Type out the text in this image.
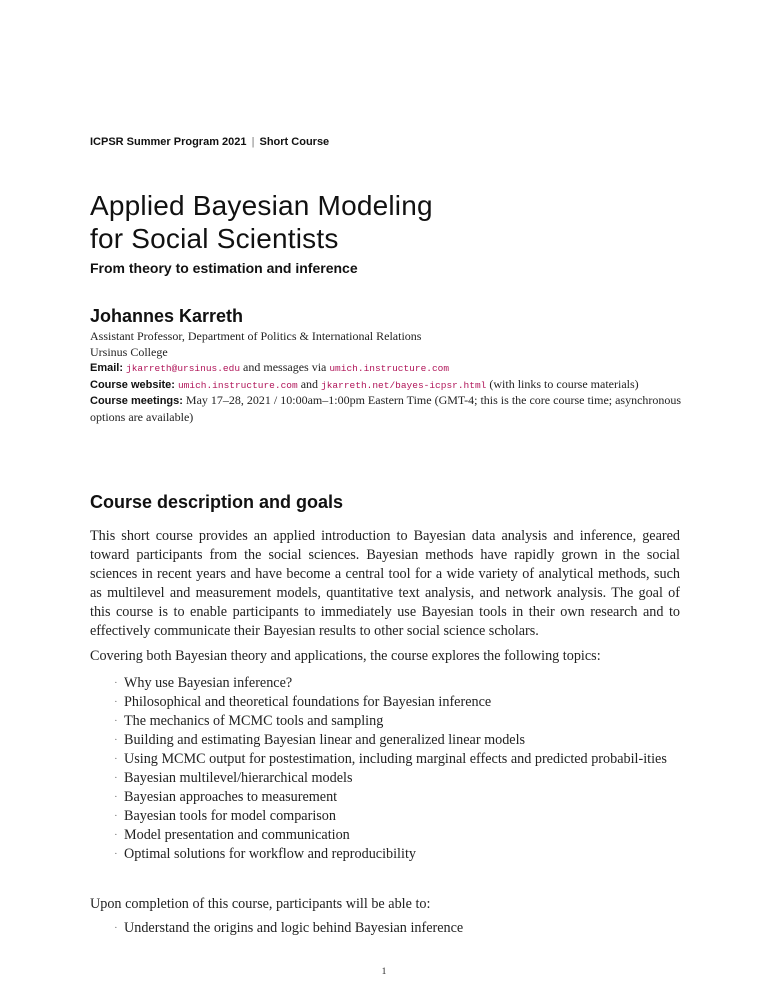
ICPSR Summer Program 2021 | Short Course
Applied Bayesian Modeling
for Social Scientists
From theory to estimation and inference
Johannes Karreth
Assistant Professor, Department of Politics & International Relations
Ursinus College
Email: jkarreth@ursinus.edu and messages via umich.instructure.com
Course website: umich.instructure.com and jkarreth.net/bayes-icpsr.html (with links to course materials)
Course meetings: May 17–28, 2021 / 10:00am–1:00pm Eastern Time (GMT-4; this is the core course time; asynchronous options are available)
Course description and goals

This short course provides an applied introduction to Bayesian data analysis and inference, geared toward participants from the social sciences. Bayesian methods have rapidly grown in the social sciences in recent years and have become a central tool for a wide variety of analytical methods, such as multilevel and measurement models, quantitative text analysis, and network analysis. The goal of this course is to enable participants to immediately use Bayesian tools in their own research and to effectively communicate their Bayesian results to other social science scholars.

Covering both Bayesian theory and applications, the course explores the following topics:

· Why use Bayesian inference?
· Philosophical and theoretical foundations for Bayesian inference
· The mechanics of MCMC tools and sampling
· Building and estimating Bayesian linear and generalized linear models
· Using MCMC output for postestimation, including marginal effects and predicted probabil-ities
· Bayesian multilevel/hierarchical models
· Bayesian approaches to measurement
· Bayesian tools for model comparison
· Model presentation and communication
· Optimal solutions for workflow and reproducibility

Upon completion of this course, participants will be able to:

· Understand the origins and logic behind Bayesian inference
1
